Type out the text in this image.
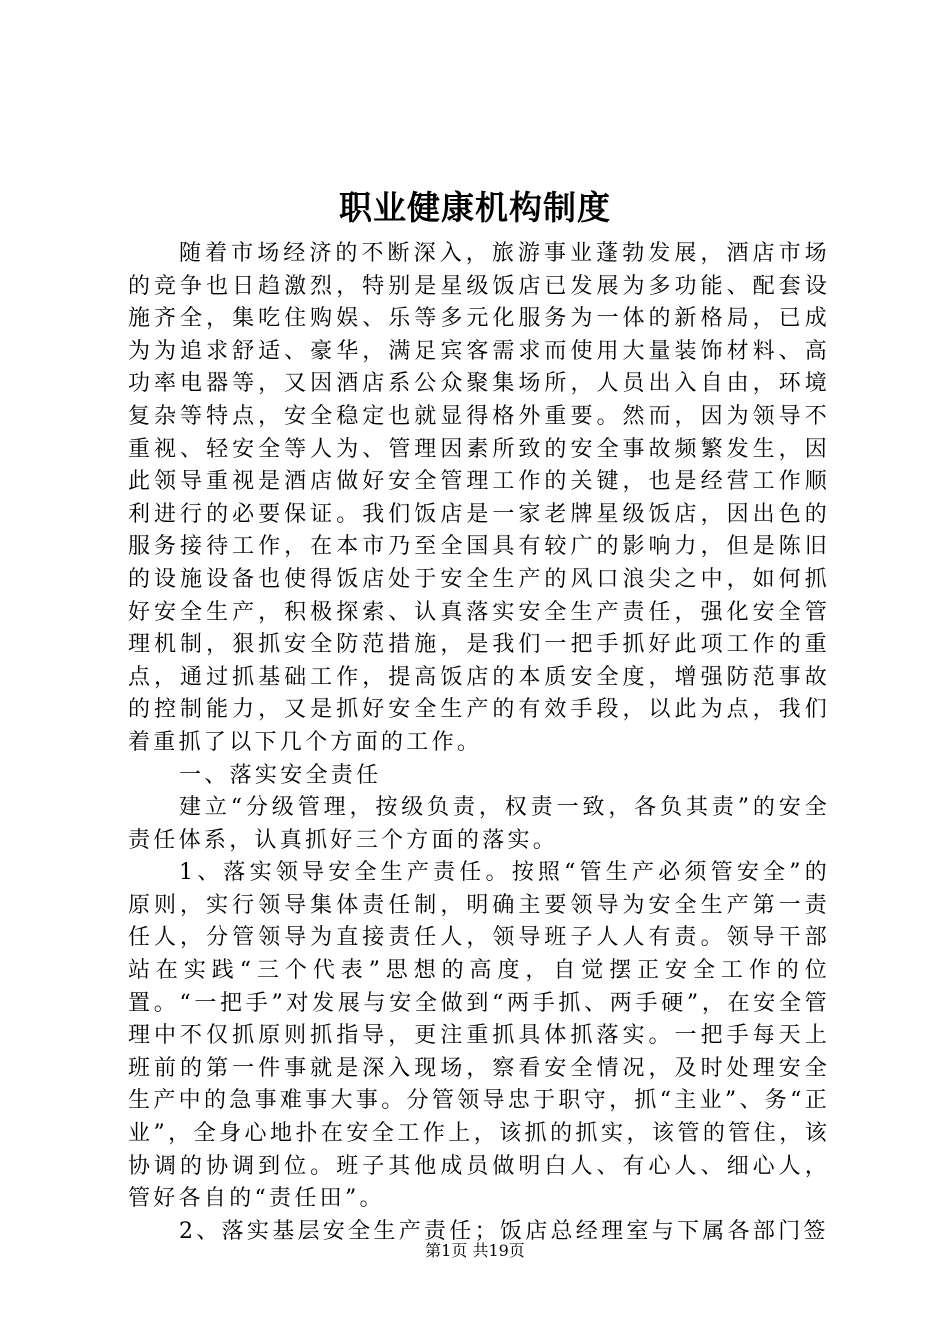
职业健康机构制度

随着市场经济的不断深入，旅游事业蓬勃发展，酒店市场的竞争也日趋激烈，特别是星级饭店已发展为多功能、配套设施齐全，集吃住购娱、乐等多元化服务为一体的新格局，已成为为追求舒适、豪华，满足宾客需求而使用大量装饰材料、高功率电器等，又因酒店系公众聚集场所，人员出入自由，环境复杂等特点，安全稳定也就显得格外重要。然而，因为领导不重视、轻安全等人为、管理因素所致的安全事故频繁发生，因此领导重视是酒店做好安全管理工作的关键，也是经营工作顺利进行的必要保证。我们饭店是一家老牌星级饭店，因出色的服务接待工作，在本市乃至全国具有较广的影响力，但是陈旧的设施设备也使得饭店处于安全生产的风口浪尖之中，如何抓好安全生产，积极探索、认真落实安全生产责任，强化安全管理机制，狠抓安全防范措施，是我们一把手抓好此项工作的重点，通过抓基础工作，提高饭店的本质安全度，增强防范事故的控制能力，又是抓好安全生产的有效手段，以此为点，我们着重抓了以下几个方面的工作。

一、落实安全责任

建立“分级管理，按级负责，权责一致，各负其责”的安全责任体系，认真抓好三个方面的落实。

1、落实领导安全生产责任。按照“管生产必须管安全”的原则，实行领导集体责任制，明确主要领导为安全生产第一责任人，分管领导为直接责任人，领导班子人人有责。领导干部站在实践“三个代表”思想的高度，自觉摆正安全工作的位置。“一把手”对发展与安全做到“两手抓、两手硬”，在安全管理中不仅抓原则抓指导，更注重抓具体抓落实。一把手每天上班前的第一件事就是深入现场，察看安全情况，及时处理安全生产中的急事难事大事。分管领导忠于职守，抓“主业”、务“正业”，全身心地扑在安全工作上，该抓的抓实，该管的管住，该协调的协调到位。班子其他成员做明白人、有心人、细心人，管好各自的“责任田”。

2、落实基层安全生产责任；饭店总经理室与下属各部门签

第1页 共19页
